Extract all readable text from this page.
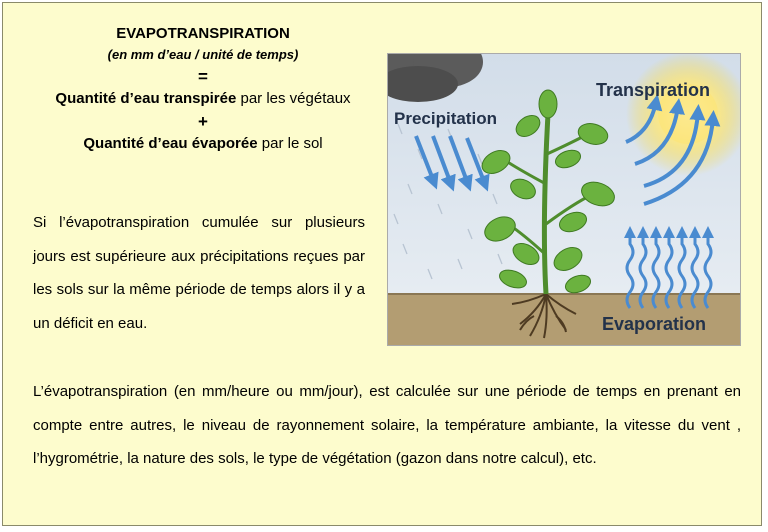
EVAPOTRANSPIRATION
(en mm d’eau / unité de temps)
=
Quantité d’eau transpirée par les végétaux
+
Quantité d’eau évaporée par le sol
Si l’évapotranspiration cumulée sur plusieurs jours est supérieure aux précipitations reçues par les sols sur la même période de temps alors il y a un déficit en eau.
Precipitation
Transpiration
Evaporation
L’évapotranspiration (en mm/heure ou mm/jour), est calculée sur une période de temps en prenant en compte entre autres, le niveau de rayonnement solaire, la température ambiante, la vitesse du vent , l’hygrométrie, la nature des sols, le type de végétation (gazon dans notre calcul), etc.
